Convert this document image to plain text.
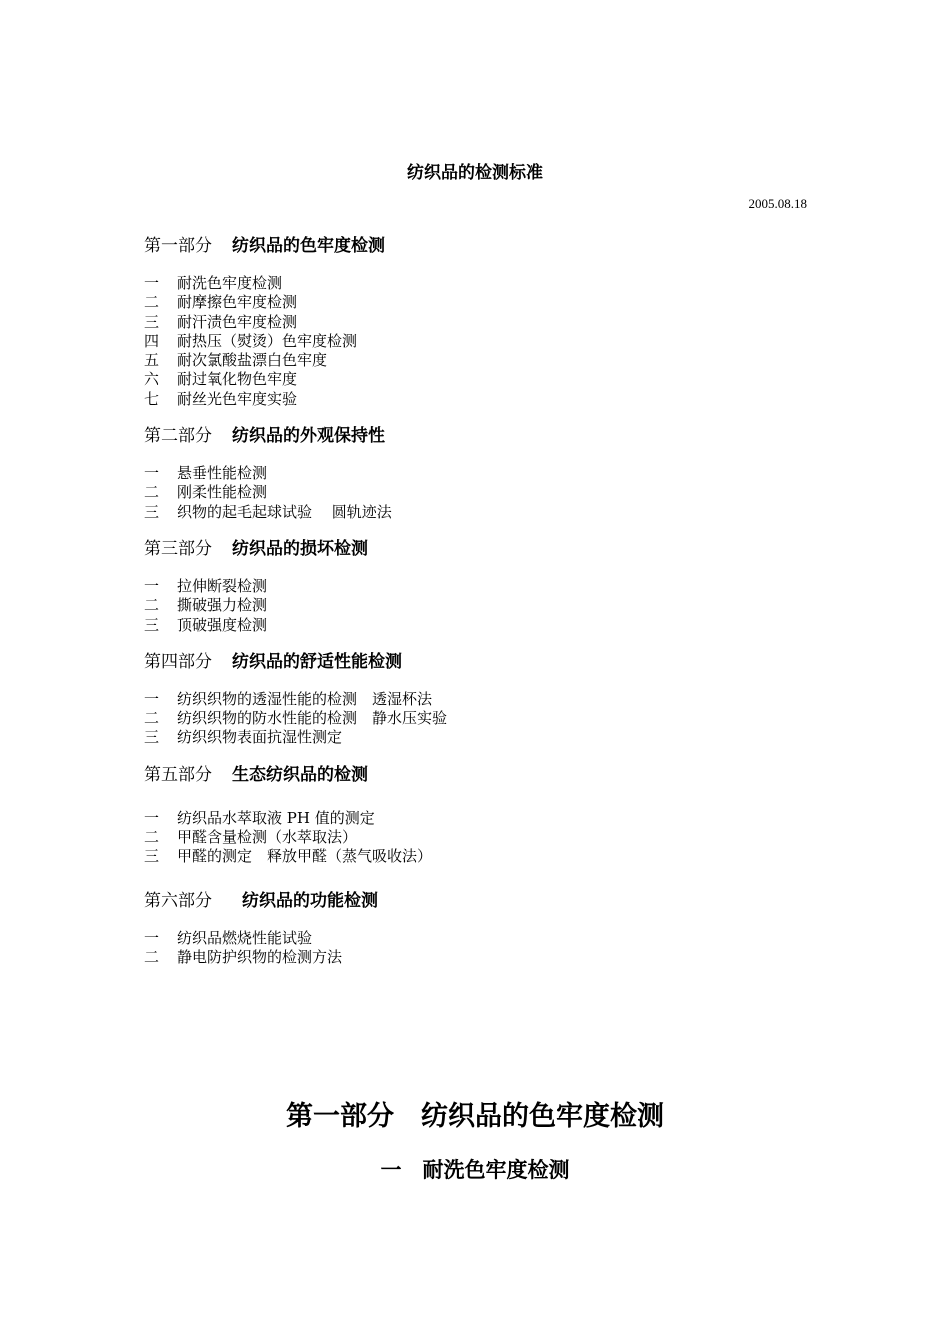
纺织品的检测标准
2005.08.18
第一部分 纺织品的色牢度检测
一 耐洗色牢度检测
二 耐摩擦色牢度检测
三 耐汗渍色牢度检测
四 耐热压（熨烫）色牢度检测
五 耐次氯酸盐漂白色牢度
六 耐过氧化物色牢度
七 耐丝光色牢度实验
第二部分 纺织品的外观保持性
一 悬垂性能检测
二 刚柔性能检测
三 织物的起毛起球试验　 圆轨迹法
第三部分 纺织品的损坏检测
一 拉伸断裂检测
二 撕破强力检测
三 顶破强度检测
第四部分 纺织品的舒适性能检测
一 纺织织物的透湿性能的检测　透湿杯法
二 纺织织物的防水性能的检测　静水压实验
三 纺织织物表面抗湿性测定
第五部分 生态纺织品的检测
一 纺织品水萃取液 PH 值的测定
二 甲醛含量检测（水萃取法）
三 甲醛的测定　释放甲醛（蒸气吸收法）
第六部分 纺织品的功能检测
一 纺织品燃烧性能试验
二 静电防护织物的检测方法
第一部分　纺织品的色牢度检测
一　耐洗色牢度检测
